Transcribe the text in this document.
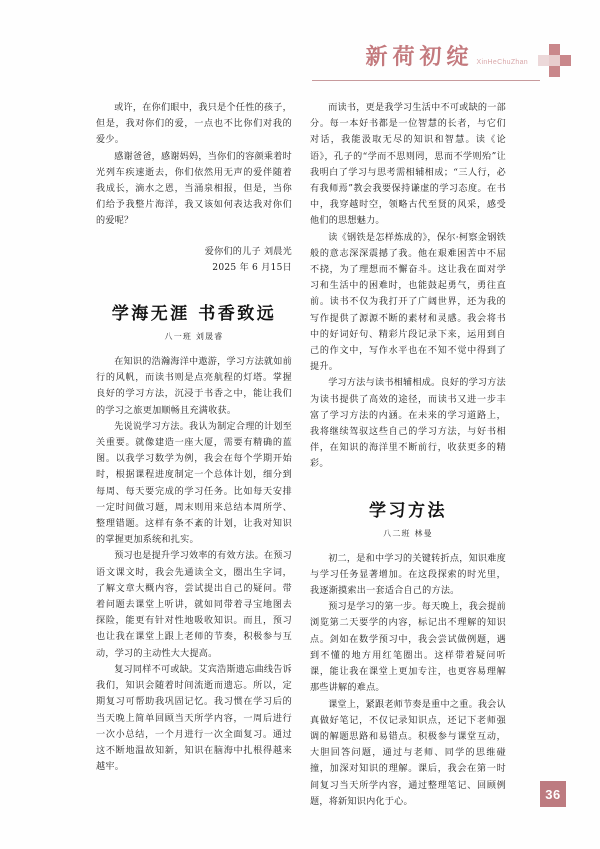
新荷初绽 XinHeChuZhan

或许，在你们眼中，我只是个任性的孩子，但是，我对你们的爱，一点也不比你们对我的爱少。

感谢爸爸，感谢妈妈，当你们的容颜乘着时光列车疾速逝去，你们依然用无声的爱伴随着我成长，滴水之恩，当涌泉相报，但是，当你们给予我整片海洋，我又该如何表达我对你们的爱呢？

爱你们的儿子 刘晨光

2025 年 6 月15日

学海无涯 书香致远
八一班 刘晟睿

在知识的浩瀚海洋中遨游，学习方法就如前行的风帆，而读书则是点亮航程的灯塔。掌握良好的学习方法，沉浸于书香之中，能让我们的学习之旅更加顺畅且充满收获。

先说说学习方法。我认为制定合理的计划至关重要。就像建造一座大厦，需要有精确的蓝图。以我学习数学为例，我会在每个学期开始时，根据课程进度制定一个总体计划，细分到每周、每天要完成的学习任务。比如每天安排一定时间做习题，周末则用来总结本周所学、整理错题。这样有条不紊的计划，让我对知识的掌握更加系统和扎实。

预习也是提升学习效率的有效方法。在预习语文课文时，我会先通读全文，圈出生字词，了解文章大概内容，尝试提出自己的疑问。带着问题去课堂上听讲，就如同带着寻宝地图去探险，能更有针对性地吸收知识。而且，预习也让我在课堂上跟上老师的节奏，积极参与互动，学习的主动性大大提高。

复习同样不可或缺。艾宾浩斯遗忘曲线告诉我们，知识会随着时间流逝而遗忘。所以，定期复习可帮助我巩固记忆。我习惯在学习后的当天晚上简单回顾当天所学内容，一周后进行一次小总结，一个月进行一次全面复习。通过这不断地温故知新，知识在脑海中扎根得越来越牢。

而读书，更是我学习生活中不可或缺的一部分。每一本好书都是一位智慧的长者，与它们对话，我能汲取无尽的知识和智慧。读《论语》，孔子的“学而不思则罔，思而不学则殆”让我明白了学习与思考需相辅相成；“三人行，必有我师焉”教会我要保持谦虚的学习态度。在书中，我穿越时空，领略古代至贤的风采，感受他们的思想魅力。

读《钢铁是怎样炼成的》，保尔·柯察金钢铁般的意志深深震撼了我。他在艰难困苦中不屈不挠，为了理想而不懈奋斗。这让我在面对学习和生活中的困难时，也能鼓起勇气，勇往直前。读书不仅为我打开了广阔世界，还为我的写作提供了源源不断的素材和灵感。我会将书中的好词好句、精彩片段记录下来，运用到自己的作文中，写作水平也在不知不觉中得到了提升。

学习方法与读书相辅相成。良好的学习方法为读书提供了高效的途径，而读书又进一步丰富了学习方法的内涵。在未来的学习道路上，我将继续驾驭这些自己的学习方法，与好书相伴，在知识的海洋里不断前行，收获更多的精彩。

学习方法
八二班 林曼

初二，是和中学习的关键转折点，知识难度与学习任务显著增加。在这段探索的时光里，我逐渐摸索出一套适合自己的方法。

预习是学习的第一步。每天晚上，我会提前浏览第二天要学的内容，标记出不理解的知识点。剑如在数学预习中，我会尝试做例题，遇到不懂的地方用红笔圈出。这样带着疑问听课，能让我在课堂上更加专注，也更容易理解那些讲解的难点。

课堂上，紧跟老师节奏是重中之重。我会认真做好笔记，不仅记录知识点，还记下老师强调的解题思路和易错点。积极参与课堂互动，大胆回答问题，通过与老师、同学的思维碰撞，加深对知识的理解。课后，我会在第一时间复习当天所学内容，通过整理笔记、回顾例题，将新知识内化于心。

36
